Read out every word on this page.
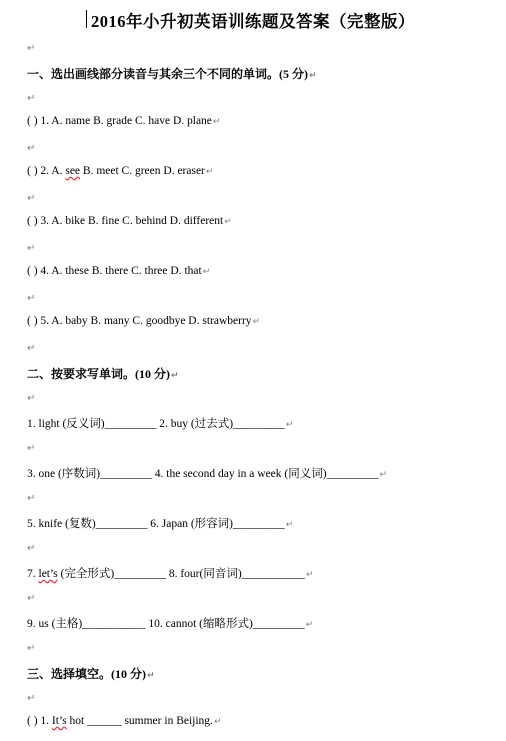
2016年小升初英语训练题及答案（完整版）
↵
一、选出画线部分读音与其余三个不同的单词。(5 分)↵
↵
( ) 1. A. name B. grade C. have D. plane↵
↵
( ) 2. A. see B. meet C. green D. eraser↵
↵
( ) 3. A. bike B. fine C. behind D. different↵
↵
( ) 4. A. these B. there C. three D. that↵
↵
( ) 5. A. baby B. many C. goodbye D. strawberry↵
↵
二、按要求写单词。(10 分)↵
↵
1. light (反义词)_________ 2. buy (过去式)_________↵
↵
3. one (序数词)_________ 4. the second day in a week (同义词)_________↵
↵
5. knife (复数)_________ 6. Japan (形容词)_________↵
↵
7. let’s (完全形式)_________ 8. four(同音词)___________↵
↵
9. us (主格)___________ 10. cannot (缩略形式)_________↵
↵
三、选择填空。(10 分)↵
↵
( ) 1. It’s hot ______ summer in Beijing.↵
